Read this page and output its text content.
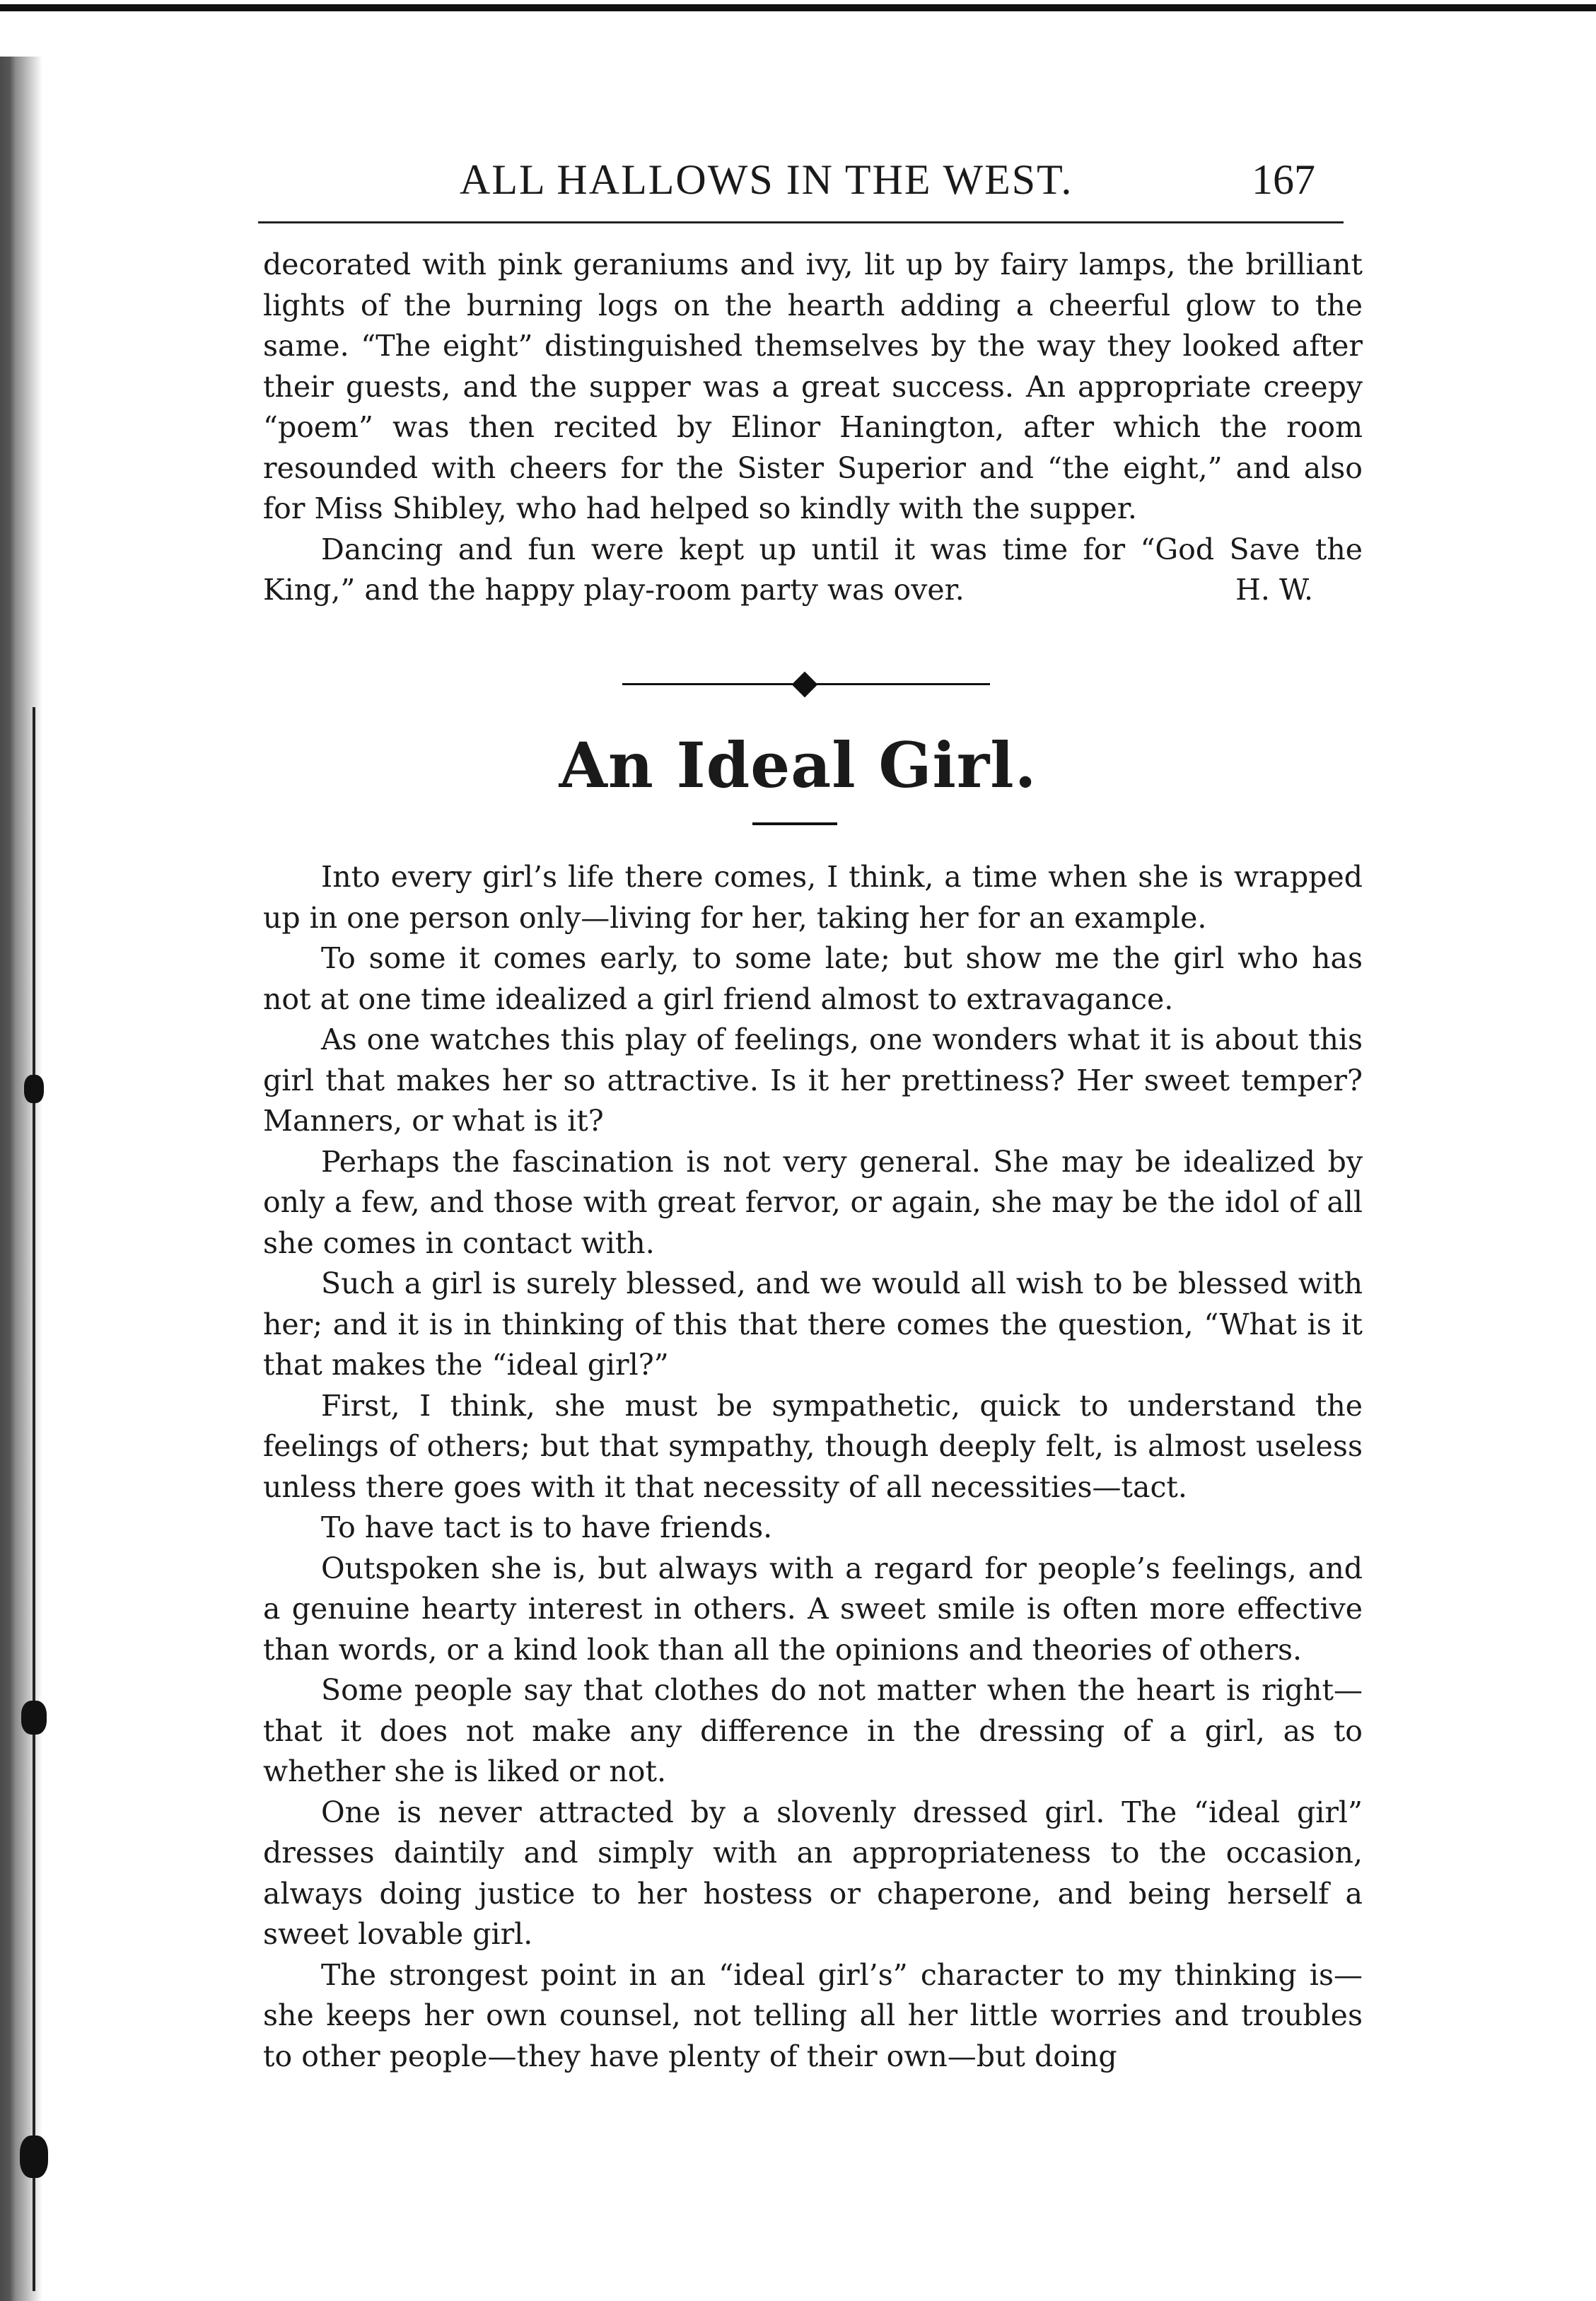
ALL HALLOWS IN THE WEST.	167

decorated with pink geraniums and ivy, lit up by fairy lamps, the brilliant lights of the burning logs on the hearth adding a cheerful glow to the same. “The eight” distinguished themselves by the way they looked after their guests, and the supper was a great success. An appropriate creepy “poem” was then recited by Elinor Hanington, after which the room resounded with cheers for the Sister Superior and “the eight,” and also for Miss Shibley, who had helped so kindly with the supper.

Dancing and fun were kept up until it was time for “God Save the King,” and the happy play-room party was over.	H. W.

An Ideal Girl.

Into every girl’s life there comes, I think, a time when she is wrapped up in one person only—living for her, taking her for an example.

To some it comes early, to some late; but show me the girl who has not at one time idealized a girl friend almost to extravagance.

As one watches this play of feelings, one wonders what it is about this girl that makes her so attractive. Is it her prettiness? Her sweet temper? Manners, or what is it?

Perhaps the fascination is not very general. She may be idealized by only a few, and those with great fervor, or again, she may be the idol of all she comes in contact with.

Such a girl is surely blessed, and we would all wish to be blessed with her; and it is in thinking of this that there comes the question, “What is it that makes the “ideal girl?”

First, I think, she must be sympathetic, quick to understand the feelings of others; but that sympathy, though deeply felt, is almost useless unless there goes with it that necessity of all necessities—tact.

To have tact is to have friends.

Outspoken she is, but always with a regard for people’s feelings, and a genuine hearty interest in others. A sweet smile is often more effective than words, or a kind look than all the opinions and theories of others.

Some people say that clothes do not matter when the heart is right—that it does not make any difference in the dressing of a girl, as to whether she is liked or not.

One is never attracted by a slovenly dressed girl. The “ideal girl” dresses daintily and simply with an appropriateness to the occasion, always doing justice to her hostess or chaperone, and being herself a sweet lovable girl.

The strongest point in an “ideal girl’s” character to my thinking is—she keeps her own counsel, not telling all her little worries and troubles to other people—they have plenty of their own—but doing
